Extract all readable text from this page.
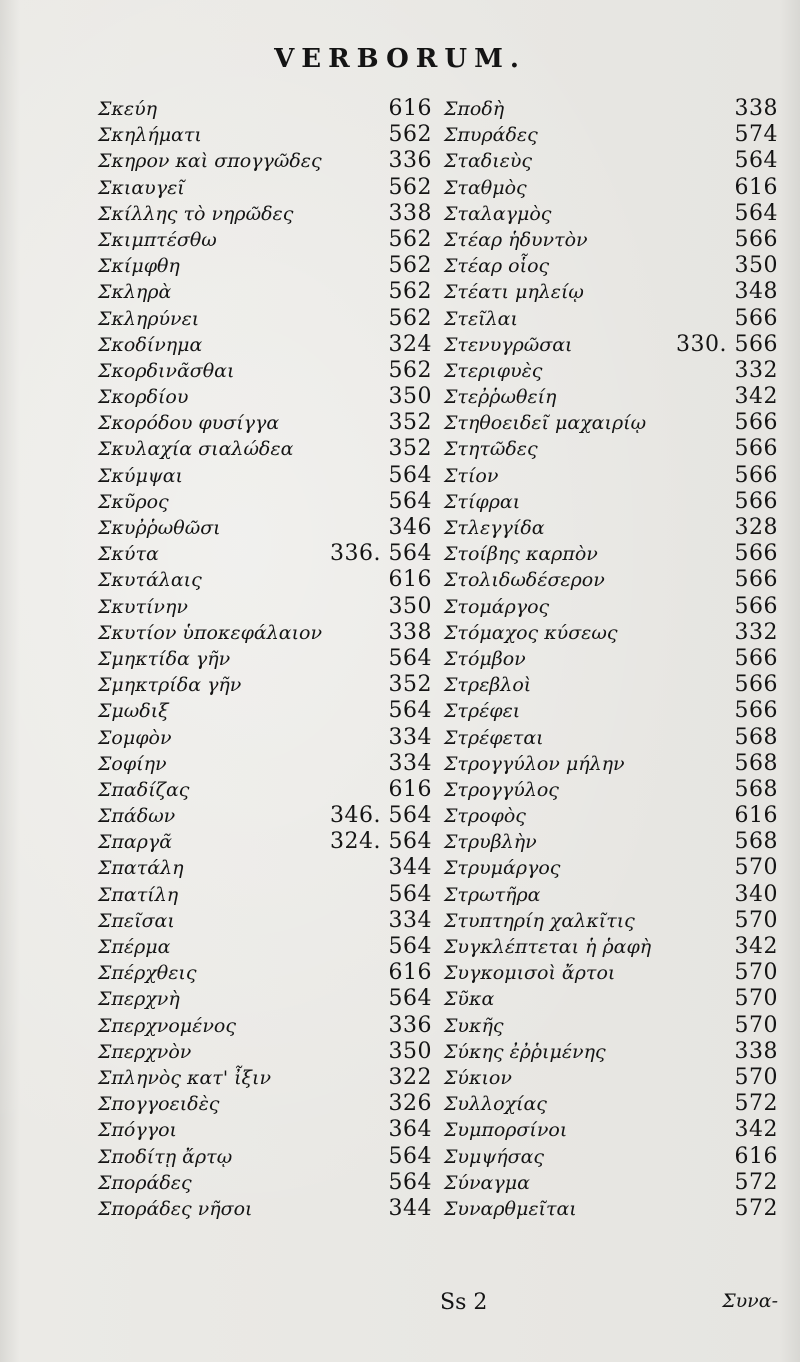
VERBORUM.
Σκεύη	616
Σκηλήματι	562
Σκηρον καὶ σπογγῶδες	336
Σκιαυγεῖ	562
Σκίλλης τὸ νηρῶδες	338
Σκιμπτέσθω	562
Σκίμφθη	562
Σκληρὰ	562
Σκληρύνει	562
Σκοδίνημα	324
Σκορδινᾶσθαι	562
Σκορδίου	350
Σκορόδου φυσίγγα	352
Σκυλαχία σιαλώδεα	352
Σκύμψαι	564
Σκῦρος	564
Σκυῤῥωθῶσι	346
Σκύτα	336. 564
Σκυτάλαις	616
Σκυτίνην	350
Σκυτίον ὑποκεφάλαιον	338
Σμηκτίδα γῆν	564
Σμηκτρίδα γῆν	352
Σμωδιξ	564
Σομφὸν	334
Σοφίην	334
Σπαδίζας	616
Σπάδων	346. 564
Σπαργᾶ	324. 564
Σπατάλη	344
Σπατίλη	564
Σπεῖσαι	334
Σπέρμα	564
Σπέρχθεις	616
Σπερχνὴ	564
Σπερχνομένος	336
Σπερχνὸν	350
Σπληνὸς κατ' ἶξιν	322
Σπογγοειδὲς	326
Σπόγγοι	364
Σποδίτῃ ἄρτῳ	564
Σποράδες	564
Σποράδες νῆσοι	344
Σποδὴ	338
Σπυράδες	574
Σταδιεὺς	564
Σταθμὸς	616
Σταλαγμὸς	564
Στέαρ ἡδυντὸν	566
Στέαρ οἷος	350
Στέατι μηλείῳ	348
Στεῖλαι	566
Στενυγρῶσαι	330. 566
Στεριφυὲς	332
Στεῤῥωθείη	342
Στηθοειδεῖ μαχαιρίῳ	566
Στητῶδες	566
Στίον	566
Στίφραι	566
Στλεγγίδα	328
Στοίβης καρπὸν	566
Στολιδωδέσερον	566
Στομάργος	566
Στόμαχος κύσεως	332
Στόμβον	566
Στρεβλοὶ	566
Στρέφει	566
Στρέφεται	568
Στρογγύλον μήλην	568
Στρογγύλος	568
Στροφὸς	616
Στρυβλὴν	568
Στρυμάργος	570
Στρωτῆρα	340
Στυπτηρίη χαλκῖτις	570
Συγκλέπτεται ἡ ῥαφὴ	342
Συγκομισοὶ ἄρτοι	570
Σῦκα	570
Συκῆς	570
Σύκης ἐῤῥιμένης	338
Σύκιον	570
Συλλοχίας	572
Συμπορσίνοι	342
Συμψήσας	616
Σύναγμα	572
Συναρθμεῖται	572
Ss 2	Συνα-
